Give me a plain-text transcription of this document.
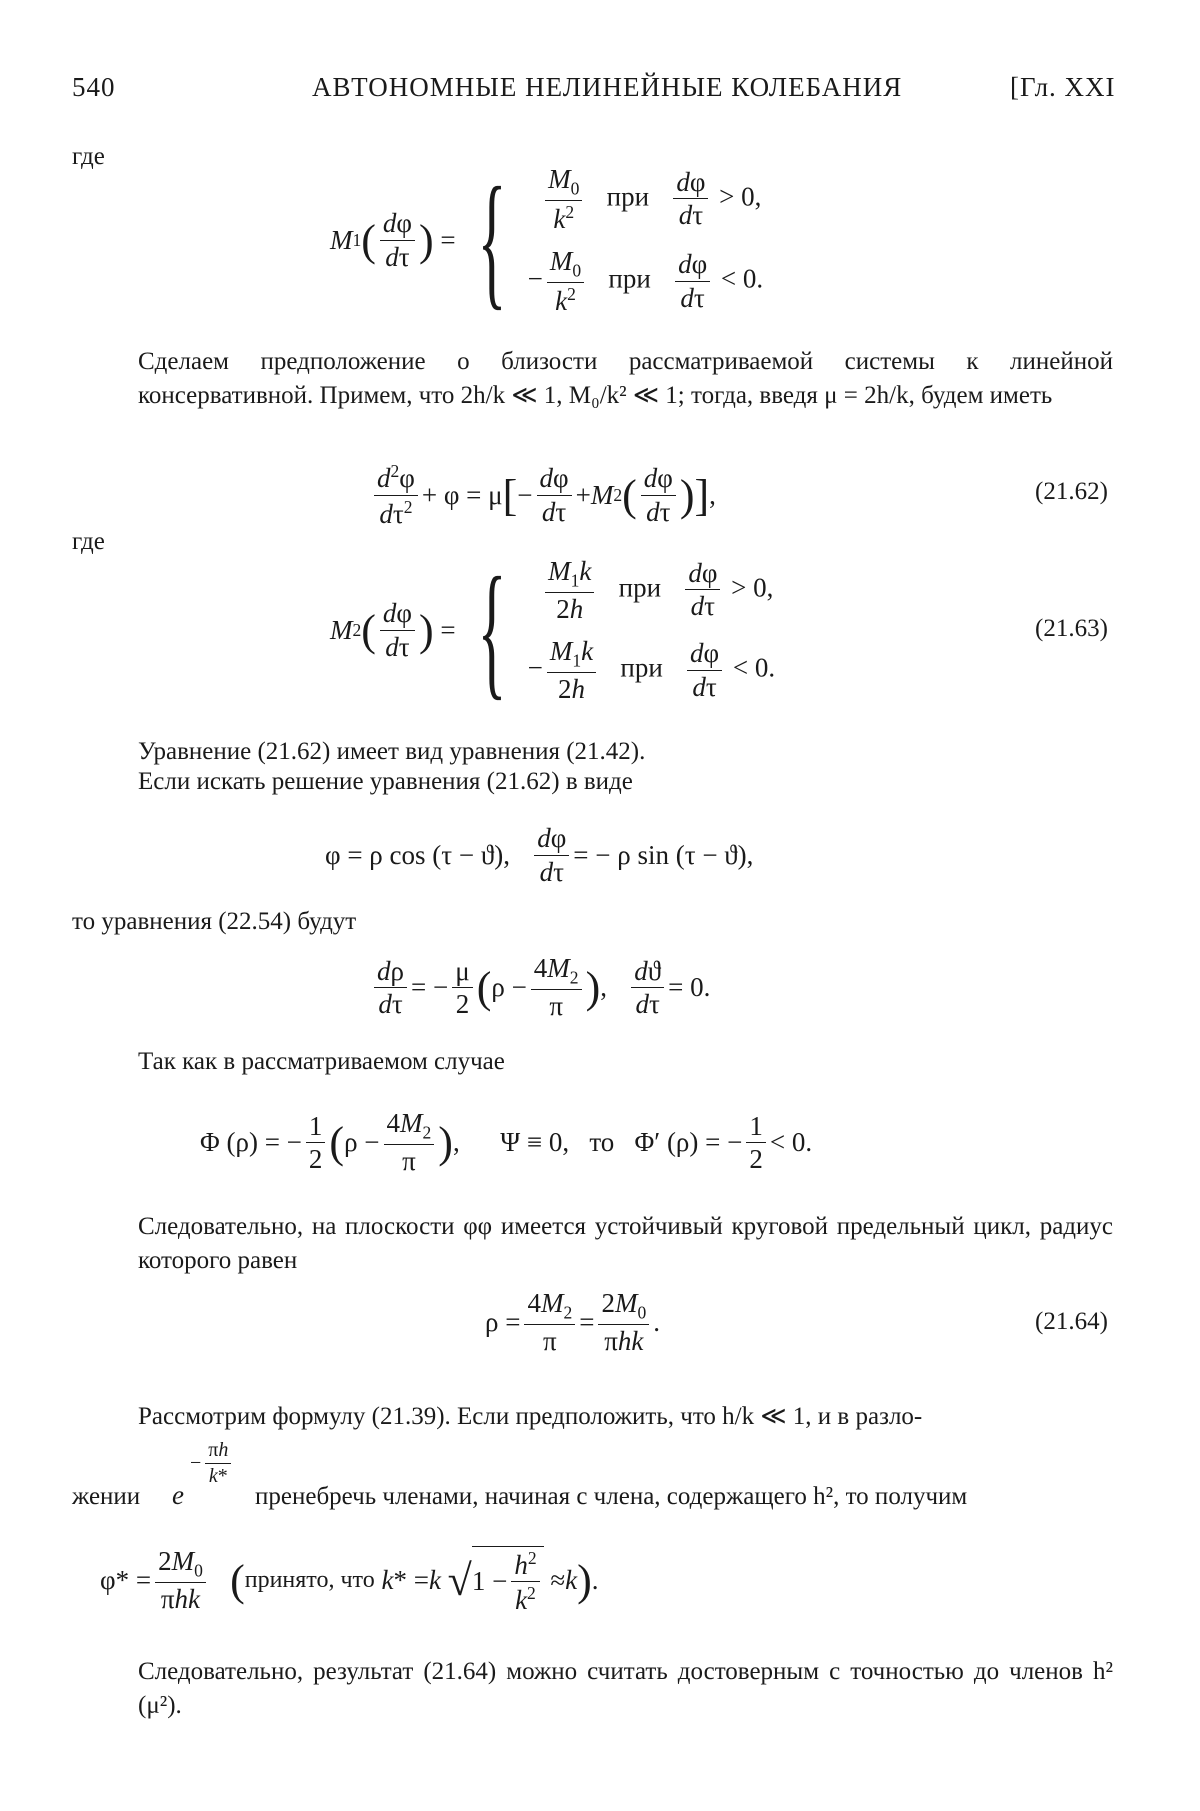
540	АВТОНОМНЫЕ НЕЛИНЕЙНЫЕ КОЛЕБАНИЯ	[Гл. XXI
где
M 1 ( $\frac{d\varphi}{d\tau}$ ) = {
$\frac{M_0}{k^2}$ при $\frac{d\varphi}{d\tau} > 0$,
− $\frac{M_0}{k^2}$ при $\frac{d\varphi}{d\tau} < 0$.
Сделаем предположение о близости рассматриваемой системы к линейной консервативной. Примем, что 2h/k ≪ 1, M₀/k² ≪ 1; тогда, введя μ = 2h/k, будем иметь
$\frac{d^2\varphi}{d\tau^2} + \varphi = \mu$ [ − $\frac{d\varphi}{d\tau} + M$ 2 ( $\frac{d\varphi}{d\tau}$ ) ] ,	(21.62)
где
M 2 ( $\frac{d\varphi}{d\tau}$ ) = {
$\frac{M_1k}{2h}$ при $\frac{d\varphi}{d\tau} > 0$,
− $\frac{M_1k}{2h}$ при $\frac{d\varphi}{d\tau} < 0$.
(21.63)
Уравнение (21.62) имеет вид уравнения (21.42).
Если искать решение уравнения (21.62) в виде
φ = ρ cos (τ − ϑ), $\frac{d\varphi}{d\tau}$ = − ρ sin (τ − ϑ),
то уравнения (22.54) будут
$\frac{d\rho}{d\tau}$ = − $\frac{\mu}{2}$ ( $\rho - \frac{4M_2}{\pi}$ ) , $\frac{dϑ}{d\tau} = 0$.
Так как в рассматриваемом случае
Φ (ρ) = − $\frac{1}{2}$ ( $\rho - \frac{4M_2}{\pi}$ ) ,      Ψ ≡ 0, то Φ′ (ρ) = − $\frac{1}{2} < 0$.
Следовательно, на плоскости φφ имеется устойчивый круговой предельный цикл, радиус которого равен
$\rho = \frac{4M_2}{\pi} = \frac{2M_0}{\text{πhk}}$ .	(21.64)
Рассмотрим формулу (21.39). Если предположить, что h/k ≪ 1, и в разло-
жении e
− $\frac{\pi h}{k*}$
пренебречь членами, начиная с члена, содержащего h², то получим
$\varphi* = \frac{2M_0}{\text{πhk}}$
( принято, что
k * = k
√ $1 - \frac{h^2}{k^2} \approx k$ ) .
Следовательно, результат (21.64) можно считать достоверным с точностью до членов h² (μ²).
